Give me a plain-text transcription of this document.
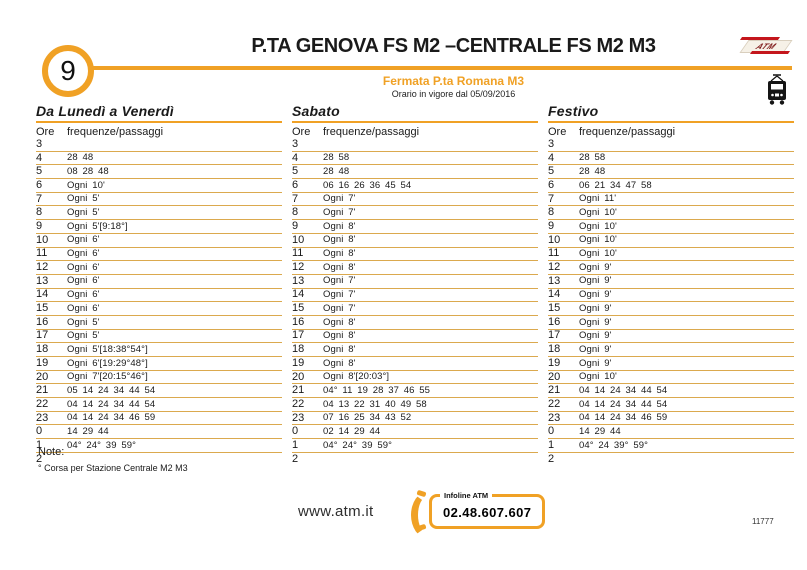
9
P.TA GENOVA FS M2 –CENTRALE FS M2 M3
Fermata P.ta Romana M3
Orario in vigore dal 05/09/2016
ATM
Da Lunedì a Venerdì
Ore	frequenze/passaggi
3
4	28 48
5	08 28 48
6	Ogni 10'
7	Ogni 5'
8	Ogni 5'
9	Ogni 5'[9:18°]
10	Ogni 6'
11	Ogni 6'
12	Ogni 6'
13	Ogni 6'
14	Ogni 6'
15	Ogni 6'
16	Ogni 5'
17	Ogni 5'
18	Ogni 5'[18:38°54°]
19	Ogni 6'[19:29°48°]
20	Ogni 7'[20:15°46°]
21	05 14 24 34 44 54
22	04 14 24 34 44 54
23	04 14 24 34 46 59
0	14 29 44
1	04° 24° 39 59°
2
Sabato
Ore	frequenze/passaggi
3
4	28 58
5	28 48
6	06 16 26 36 45 54
7	Ogni 7'
8	Ogni 7'
9	Ogni 8'
10	Ogni 8'
11	Ogni 8'
12	Ogni 8'
13	Ogni 7'
14	Ogni 7'
15	Ogni 7'
16	Ogni 8'
17	Ogni 8'
18	Ogni 8'
19	Ogni 8'
20	Ogni 8'[20:03°]
21	04° 11 19 28 37 46 55
22	04 13 22 31 40 49 58
23	07 16 25 34 43 52
0	02 14 29 44
1	04° 24° 39 59°
2
Festivo
Ore	frequenze/passaggi
3
4	28 58
5	28 48
6	06 21 34 47 58
7	Ogni 11'
8	Ogni 10'
9	Ogni 10'
10	Ogni 10'
11	Ogni 10'
12	Ogni 9'
13	Ogni 9'
14	Ogni 9'
15	Ogni 9'
16	Ogni 9'
17	Ogni 9'
18	Ogni 9'
19	Ogni 9'
20	Ogni 10'
21	04 14 24 34 44 54
22	04 14 24 34 44 54
23	04 14 24 34 46 59
0	14 29 44
1	04° 24 39° 59°
2
Note:
° Corsa per Stazione Centrale M2 M3
www.atm.it
Infoline ATM
02.48.607.607
11777
